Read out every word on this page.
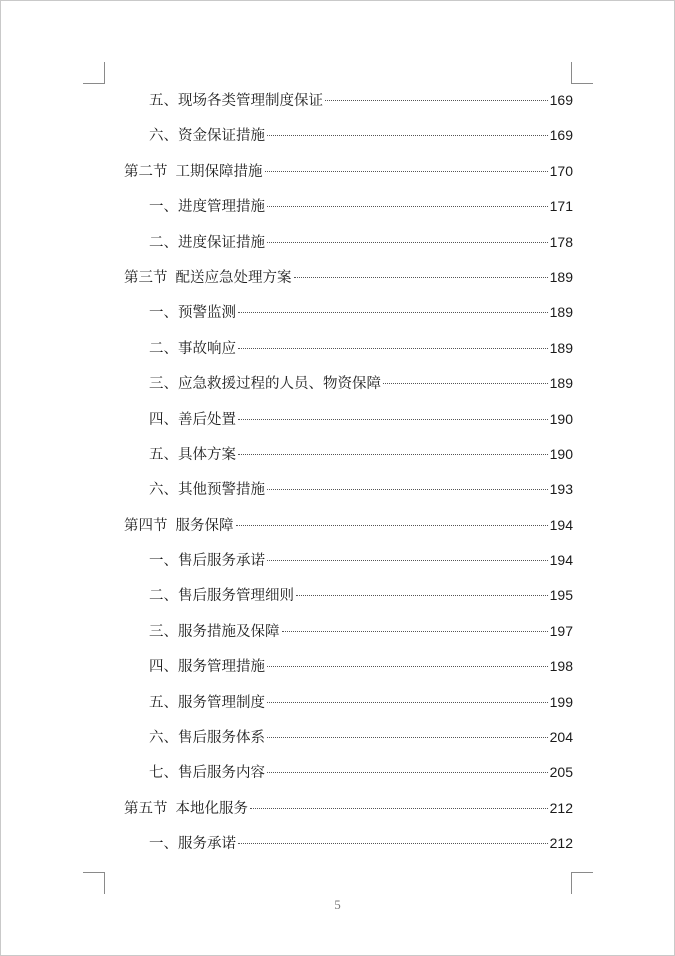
五、现场各类管理制度保证	169
六、资金保证措施	169
第二节 工期保障措施	170
一、进度管理措施	171
二、进度保证措施	178
第三节 配送应急处理方案	189
一、预警监测	189
二、事故响应	189
三、应急救援过程的人员、物资保障	189
四、善后处置	190
五、具体方案	190
六、其他预警措施	193
第四节 服务保障	194
一、售后服务承诺	194
二、售后服务管理细则	195
三、服务措施及保障	197
四、服务管理措施	198
五、服务管理制度	199
六、售后服务体系	204
七、售后服务内容	205
第五节 本地化服务	212
一、服务承诺	212
5
